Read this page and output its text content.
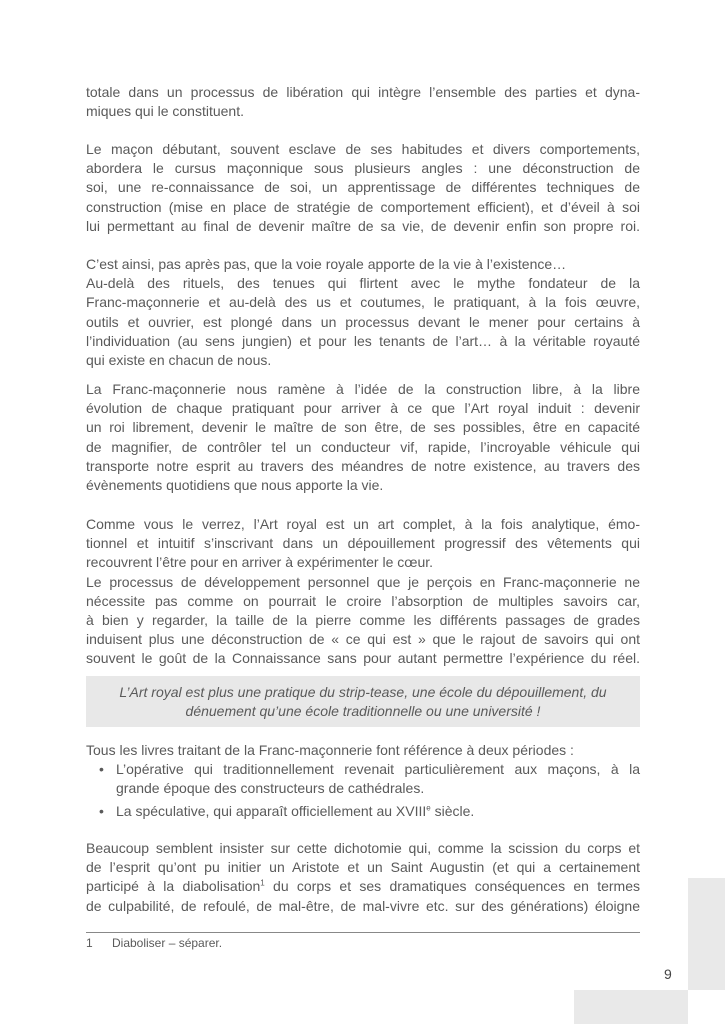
totale dans un processus de libération qui intègre l’ensemble des parties et dyna-
miques qui le constituent.
Le maçon débutant, souvent esclave de ses habitudes et divers comportements,
abordera le cursus maçonnique sous plusieurs angles : une déconstruction de
soi, une re-connaissance de soi, un apprentissage de différentes techniques de
construction (mise en place de stratégie de comportement efficient), et d’éveil à soi
lui permettant au final de devenir maître de sa vie, de devenir enfin son propre roi.
C’est ainsi, pas après pas, que la voie royale apporte de la vie à l’existence…
Au-delà des rituels, des tenues qui flirtent avec le mythe fondateur de la
Franc-maçonnerie et au-delà des us et coutumes, le pratiquant, à la fois œuvre,
outils et ouvrier, est plongé dans un processus devant le mener pour certains à
l’individuation (au sens jungien) et pour les tenants de l’art… à la véritable royauté
qui existe en chacun de nous.
La Franc-maçonnerie nous ramène à l’idée de la construction libre, à la libre
évolution de chaque pratiquant pour arriver à ce que l’Art royal induit : devenir
un roi librement, devenir le maître de son être, de ses possibles, être en capacité
de magnifier, de contrôler tel un conducteur vif, rapide, l’incroyable véhicule qui
transporte notre esprit au travers des méandres de notre existence, au travers des
évènements quotidiens que nous apporte la vie.
Comme vous le verrez, l’Art royal est un art complet, à la fois analytique, émo-
tionnel et intuitif s’inscrivant dans un dépouillement progressif des vêtements qui
recouvrent l’être pour en arriver à expérimenter le cœur.
Le processus de développement personnel que je perçois en Franc-maçonnerie ne
nécessite pas comme on pourrait le croire l’absorption de multiples savoirs car,
à bien y regarder, la taille de la pierre comme les différents passages de grades
induisent plus une déconstruction de « ce qui est » que le rajout de savoirs qui ont
souvent le goût de la Connaissance sans pour autant permettre l’expérience du réel.
L’Art royal est plus une pratique du strip-tease, une école du dépouillement, du
dénuement qu’une école traditionnelle ou une université !
Tous les livres traitant de la Franc-maçonnerie font référence à deux périodes :
• L’opérative qui traditionnellement revenait particulièrement aux maçons, à la
grande époque des constructeurs de cathédrales.
• La spéculative, qui apparaît officiellement au XVIIIe siècle.
Beaucoup semblent insister sur cette dichotomie qui, comme la scission du corps et
de l’esprit qu’ont pu initier un Aristote et un Saint Augustin (et qui a certainement
participé à la diabolisation$^1$ du corps et ses dramatiques conséquences en termes
de culpabilité, de refoulé, de mal-être, de mal-vivre etc. sur des générations) éloigne
1 Diaboliser – séparer.
9
